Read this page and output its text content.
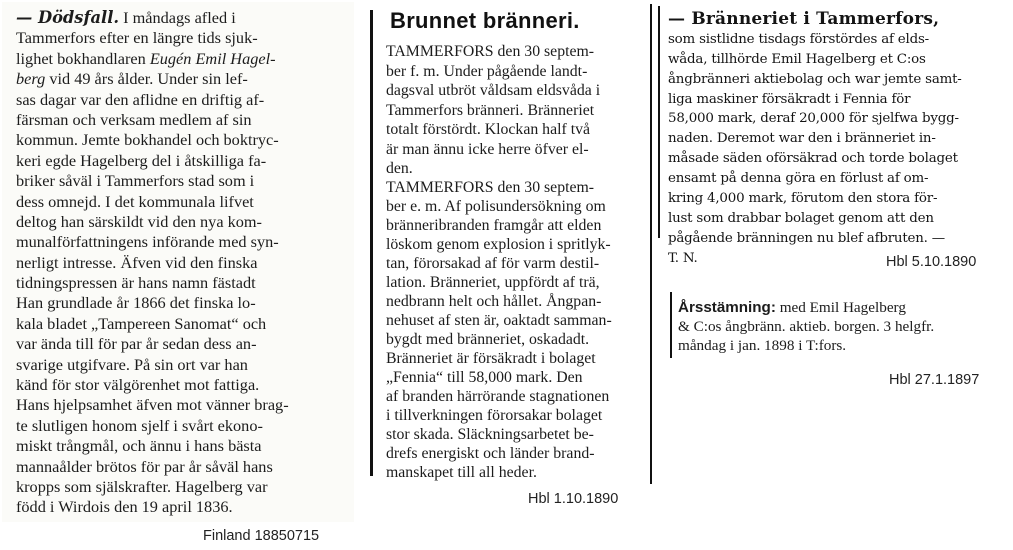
— Dödsfall. I måndags afled i
Tammerfors efter en längre tids sjuk-
lighet bokhandlaren Eugén Emil Hagel-
berg vid 49 års ålder. Under sin lef-
sas dagar var den aflidne en driftig af-
färsman och verksam medlem af sin
kommun. Jemte bokhandel och boktryc-
keri egde Hagelberg del i åtskilliga fa-
briker såväl i Tammerfors stad som i
dess omnejd. I det kommunala lifvet
deltog han särskildt vid den nya kom-
munalförfattningens införande med syn-
nerligt intresse. Äfven vid den finska
tidningspressen är hans namn fästadt
Han grundlade år 1866 det finska lo-
kala bladet „Tampereen Sanomat“ och
var ända till för par år sedan dess an-
svarige utgifvare. På sin ort var han
känd för stor välgörenhet mot fattiga.
Hans hjelpsamhet äfven mot vänner brag-
te slutligen honom sjelf i svårt ekono-
miskt trångmål, och ännu i hans bästa
mannaålder brötos för par år såväl hans
kropps som själskrafter. Hagelberg var
född i Wirdois den 19 april 1836.
Finland 18850715
Brunnet bränneri.
TAMMERFORS den 30 septem-
ber f. m. Under pågående landt-
dagsval utbröt våldsam eldsvåda i
Tammerfors bränneri. Bränneriet
totalt förstördt. Klockan half två
är man ännu icke herre öfver el-
den.
TAMMERFORS den 30 septem-
ber e. m. Af polisundersökning om
bränneribranden framgår att elden
löskom genom explosion i spritlyk-
tan, förorsakad af för varm destil-
lation. Bränneriet, uppfördt af trä,
nedbrann helt och hållet. Ångpan-
nehuset af sten är, oaktadt samman-
bygdt med bränneriet, oskadadt.
Bränneriet är försäkradt i bolaget
„Fennia“ till 58,000 mark. Den
af branden härrörande stagnationen
i tillverkningen förorsakar bolaget
stor skada. Släckningsarbetet be-
drefs energiskt och länder brand-
manskapet till all heder.
Hbl 1.10.1890
— Bränneriet i Tammerfors,
som sistlidne tisdags förstördes af elds-
wåda, tillhörde Emil Hagelberg et C:os
ångbränneri aktiebolag och war jemte samt-
liga maskiner försäkradt i Fennia för
58,000 mark, deraf 20,000 för sjelfwa bygg-
naden. Deremot war den i bränneriet in-
måsade säden oförsäkrad och torde bolaget
ensamt på denna göra en förlust af om-
kring 4,000 mark, förutom den stora för-
lust som drabbar bolaget genom att den
pågående bränningen nu blef afbruten. —
T. N.	Hbl 5.10.1890
Årsstämning: med Emil Hagelberg
& C:os ångbränn. aktieb. borgen. 3 helgfr.
måndag i jan. 1898 i T:fors.
Hbl 27.1.1897
